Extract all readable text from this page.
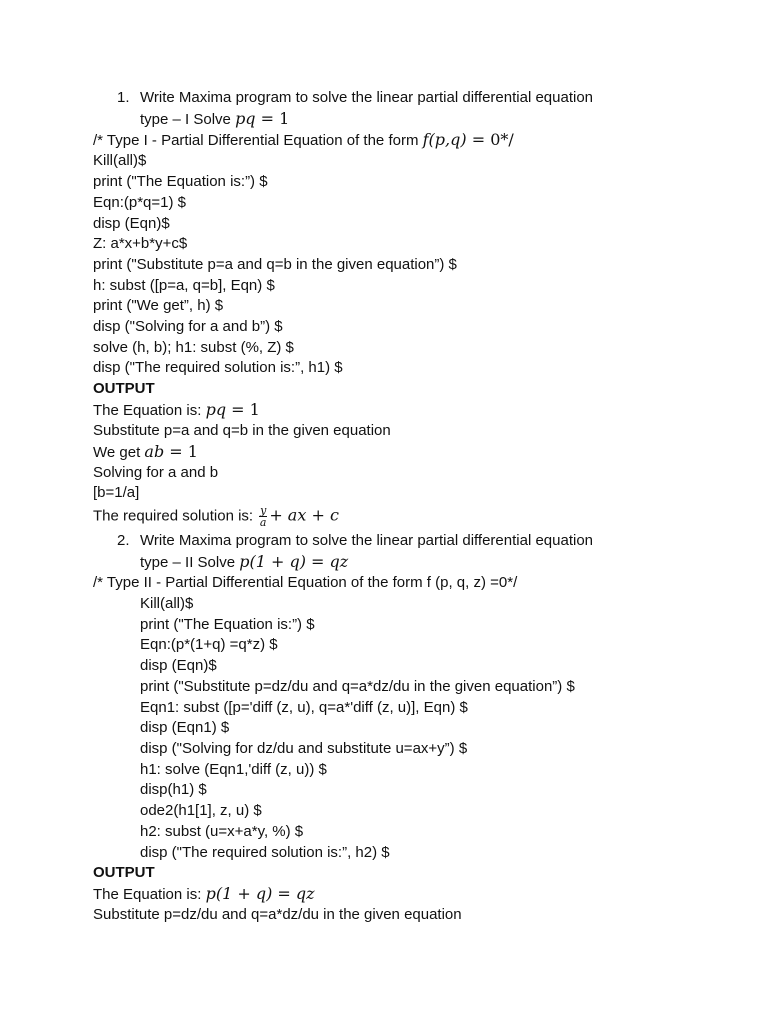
1. Write Maxima program to solve the linear partial differential equation
type – I Solve pq = 1
/* Type I - Partial Differential Equation of the form f(p,q) = 0*/
Kill(all)$
print ("The Equation is:”) $
Eqn:(p*q=1) $
disp (Eqn)$
Z: a*x+b*y+c$
print ("Substitute p=a and q=b in the given equation”) $
h: subst ([p=a, q=b], Eqn) $
print ("We get”, h) $
disp ("Solving for a and b”) $
solve (h, b); h1: subst (%, Z) $
disp ("The required solution is:”, h1) $
OUTPUT
The Equation is: pq = 1
Substitute p=a and q=b in the given equation
We get ab = 1
Solving for a and b
[b=1/a]
The required solution is: $\frac{y}{a}$ + ax + c
2. Write Maxima program to solve the linear partial differential equation
type – II Solve p(1 + q) = qz
/* Type II - Partial Differential Equation of the form f (p, q, z) =0*/
Kill(all)$
print ("The Equation is:”) $
Eqn:(p*(1+q) =q*z) $
disp (Eqn)$
print ("Substitute p=dz/du and q=a*dz/du in the given equation”) $
Eqn1: subst ([p='diff (z, u), q=a*'diff (z, u)], Eqn) $
disp (Eqn1) $
disp ("Solving for dz/du and substitute u=ax+y”) $
h1: solve (Eqn1,'diff (z, u)) $
disp(h1) $
ode2(h1[1], z, u) $
h2: subst (u=x+a*y, %) $
disp ("The required solution is:”, h2) $
OUTPUT
The Equation is: p(1 + q) = qz
Substitute p=dz/du and q=a*dz/du in the given equation
